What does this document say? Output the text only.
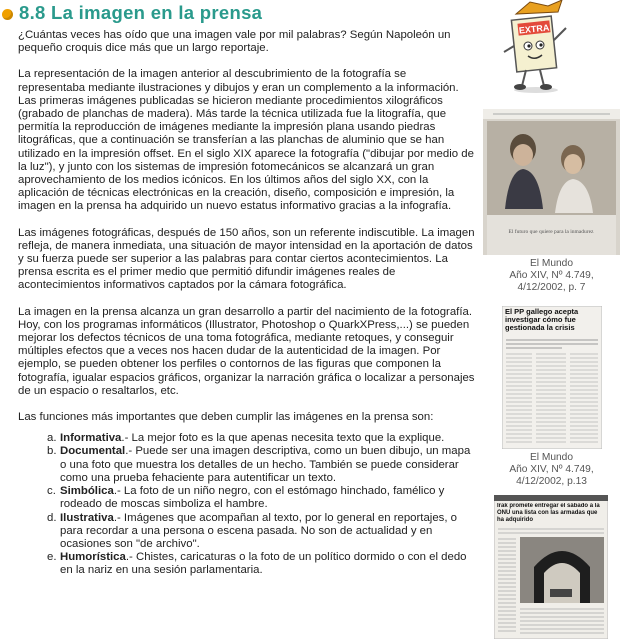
8.8 La imagen en la prensa

¿Cuántas veces has oído que una imagen vale por mil palabras? Según Napoleón un pequeño croquis dice más que un largo reportaje.

La representación de la imagen anterior al descubrimiento de la fotografía se representaba mediante ilustraciones y dibujos y eran un complemento a la información. Las primeras imágenes publicadas se hicieron mediante procedimientos xilográficos (grabado de planchas de madera). Más tarde la técnica utilizada fue la litografía, que permitía la reproducción de imágenes mediante la impresión plana usando piedras litográficas, que a continuación se transferían a las planchas de aluminio que se han utilizado en la impresión offset. En el siglo XIX aparece la fotografía ("dibujar por medio de la luz"), y junto con los sistemas de impresión fotomecánicos se alcanzará un gran aprovechamiento de los medios icónicos. En los últimos años del siglo XX, con la aplicación de técnicas electrónicas en la creación, diseño, composición e impresión, la imagen en la prensa ha adquirido un nuevo estatus informativo gracias a la infografía.

Las imágenes fotográficas, después de 150 años, son un referente indiscutible. La imagen refleja, de manera inmediata, una situación de mayor intensidad en la aportación de datos y su fuerza puede ser superior a las palabras para contar ciertos acontecimientos. La prensa escrita es el primer medio que permitió difundir imágenes reales de acontecimientos informativos captados por la cámara fotográfica.

La imagen en la prensa alcanza un gran desarrollo a partir del nacimiento de la fotografía. Hoy, con los programas informáticos (Illustrator, Photoshop o QuarkXPress,...) se pueden mejorar los defectos técnicos de una toma fotográfica, mediante retoques, y conseguir múltiples efectos que a veces nos hacen dudar de la autenticidad de la imagen. Por ejemplo, se pueden obtener los perfiles o contornos de las figuras que componen la fotografía, igualar espacios gráficos, organizar la narración gráfica o localizar a personajes de un espacio o resaltarlos, etc.

Las funciones más importantes que deben cumplir las imágenes en la prensa son:

a. Informativa.- La mejor foto es la que apenas necesita texto que la explique.
b. Documental.- Puede ser una imagen descriptiva, como un buen dibujo, un mapa o una foto que muestra los detalles de un hecho. También se puede considerar como una prueba fehaciente para autentificar un texto.
c. Simbólica.- La foto de un niño negro, con el estómago hinchado, famélico y rodeado de moscas simboliza el hambre.
d. Ilustrativa.- Imágenes que acompañan al texto, por lo general en reportajes, o para recordar a una persona o escena pasada. No son de actualidad y en ocasiones son "de archivo".
e. Humorística.- Chistes, caricaturas o la foto de un político dormido o con el dedo en la nariz en una sesión parlamentaria.
EXTRA
El futuro que quiere para la inmadurez
El Mundo
Año XIV, Nº 4.749,
4/12/2002, p. 7
El PP gallego acepta investigar cómo fue gestionada la crisis
El Mundo
Año XIV, Nº 4.749,
4/12/2002, p.13
Irak promete entregar el sábado a la ONU una lista con las armadas que ha adquirido
